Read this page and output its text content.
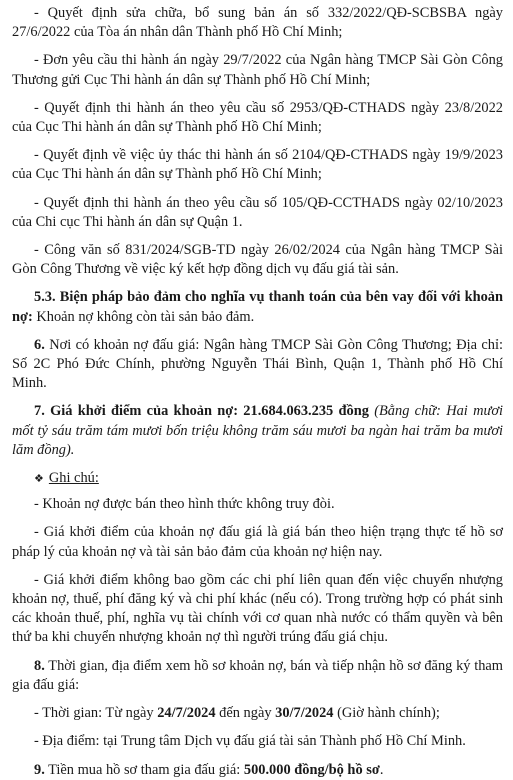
- Quyết định sửa chữa, bổ sung bản án số 332/2022/QĐ-SCBSBA ngày 27/6/2022 của Tòa án nhân dân Thành phố Hồ Chí Minh;

- Đơn yêu cầu thi hành án ngày 29/7/2022 của Ngân hàng TMCP Sài Gòn Công Thương gửi Cục Thi hành án dân sự Thành phố Hồ Chí Minh;

- Quyết định thi hành án theo yêu cầu số 2953/QĐ-CTHADS ngày 23/8/2022 của Cục Thi hành án dân sự Thành phố Hồ Chí Minh;

- Quyết định về việc ủy thác thi hành án số 2104/QĐ-CTHADS ngày 19/9/2023 của Cục Thi hành án dân sự Thành phố Hồ Chí Minh;

- Quyết định thi hành án theo yêu cầu số 105/QĐ-CCTHADS ngày 02/10/2023 của Chi cục Thi hành án dân sự Quận 1.

- Công văn số 831/2024/SGB-TD ngày 26/02/2024 của Ngân hàng TMCP Sài Gòn Công Thương về việc ký kết hợp đồng dịch vụ đấu giá tài sản.

5.3. Biện pháp bảo đảm cho nghĩa vụ thanh toán của bên vay đối với khoản nợ: Khoản nợ không còn tài sản bảo đảm.

6. Nơi có khoản nợ đấu giá: Ngân hàng TMCP Sài Gòn Công Thương; Địa chỉ: Số 2C Phó Đức Chính, phường Nguyễn Thái Bình, Quận 1, Thành phố Hồ Chí Minh.

7. Giá khởi điểm của khoản nợ: 21.684.063.235 đồng (Bằng chữ: Hai mươi mốt tỷ sáu trăm tám mươi bốn triệu không trăm sáu mươi ba ngàn hai trăm ba mươi lăm đồng).

❖ Ghi chú:

- Khoản nợ được bán theo hình thức không truy đòi.

- Giá khởi điểm của khoản nợ đấu giá là giá bán theo hiện trạng thực tế hồ sơ pháp lý của khoản nợ và tài sản bảo đảm của khoản nợ hiện nay.

- Giá khởi điểm không bao gồm các chi phí liên quan đến việc chuyển nhượng khoản nợ, thuế, phí đăng ký và chi phí khác (nếu có). Trong trường hợp có phát sinh các khoản thuế, phí, nghĩa vụ tài chính với cơ quan nhà nước có thẩm quyền và bên thứ ba khi chuyển nhượng khoản nợ thì người trúng đấu giá chịu.

8. Thời gian, địa điểm xem hồ sơ khoản nợ, bán và tiếp nhận hồ sơ đăng ký tham gia đấu giá:

- Thời gian: Từ ngày 24/7/2024 đến ngày 30/7/2024 (Giờ hành chính);

- Địa điểm: tại Trung tâm Dịch vụ đấu giá tài sản Thành phố Hồ Chí Minh.

9. Tiền mua hồ sơ tham gia đấu giá: 500.000 đồng/bộ hồ sơ.
